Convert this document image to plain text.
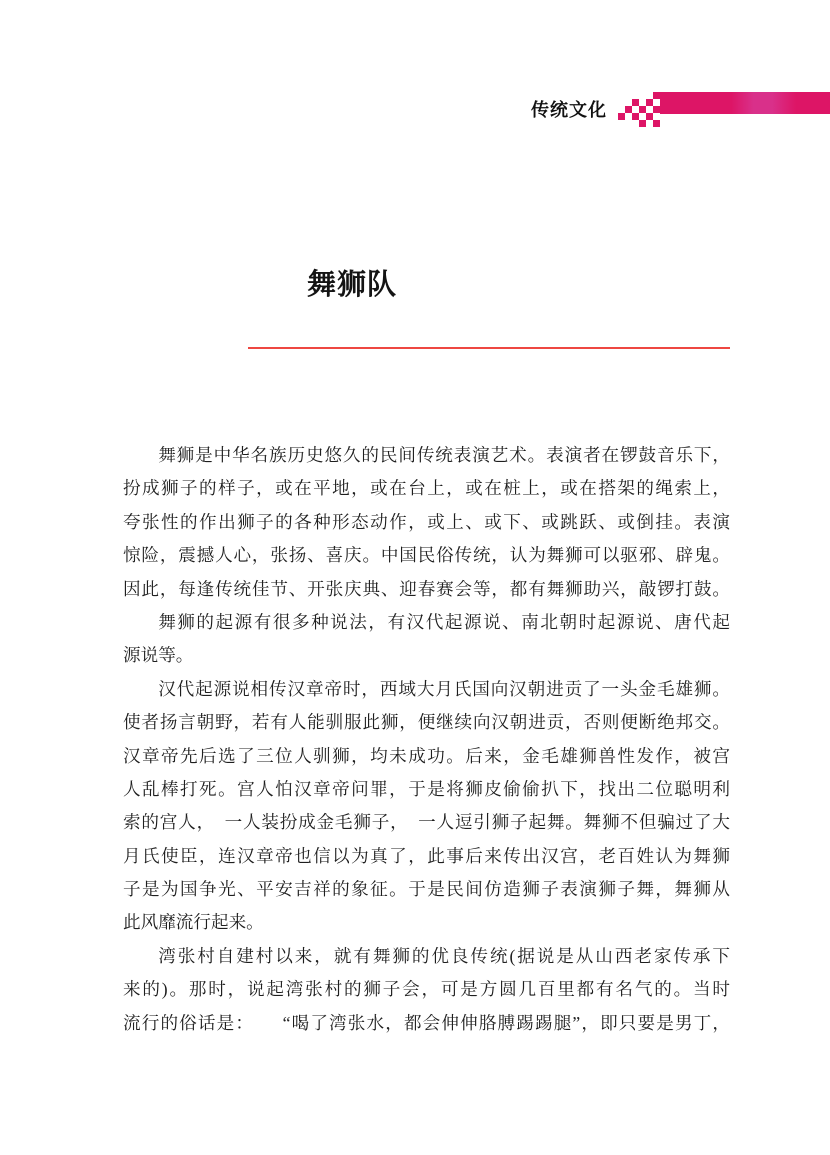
传统文化
舞狮队

舞狮是中华名族历史悠久的民间传统表演艺术。表演者在锣鼓音乐下，

扮成狮子的样子，或在平地，或在台上，或在桩上，或在搭架的绳索上，

夸张性的作出狮子的各种形态动作，或上、或下、或跳跃、或倒挂。表演

惊险，震撼人心，张扬、喜庆。中国民俗传统，认为舞狮可以驱邪、辟鬼。

因此，每逢传统佳节、开张庆典、迎春赛会等，都有舞狮助兴，敲锣打鼓。

舞狮的起源有很多种说法，有汉代起源说、南北朝时起源说、唐代起

源说等。

汉代起源说相传汉章帝时，西域大月氏国向汉朝进贡了一头金毛雄狮。

使者扬言朝野，若有人能驯服此狮，便继续向汉朝进贡，否则便断绝邦交。

汉章帝先后选了三位人驯狮，均未成功。后来，金毛雄狮兽性发作，被宫

人乱棒打死。宫人怕汉章帝问罪，于是将狮皮偷偷扒下，找出二位聪明利

索的宫人，　一人装扮成金毛狮子，　一人逗引狮子起舞。舞狮不但骗过了大

月氏使臣，连汉章帝也信以为真了，此事后来传出汉宫，老百姓认为舞狮

子是为国争光、平安吉祥的象征。于是民间仿造狮子表演狮子舞，舞狮从

此风靡流行起来。

湾张村自建村以来，就有舞狮的优良传统(据说是从山西老家传承下

来的)。那时，说起湾张村的狮子会，可是方圆几百里都有名气的。当时

流行的俗话是：　　“喝了湾张水，都会伸伸胳膊踢踢腿”，即只要是男丁，
